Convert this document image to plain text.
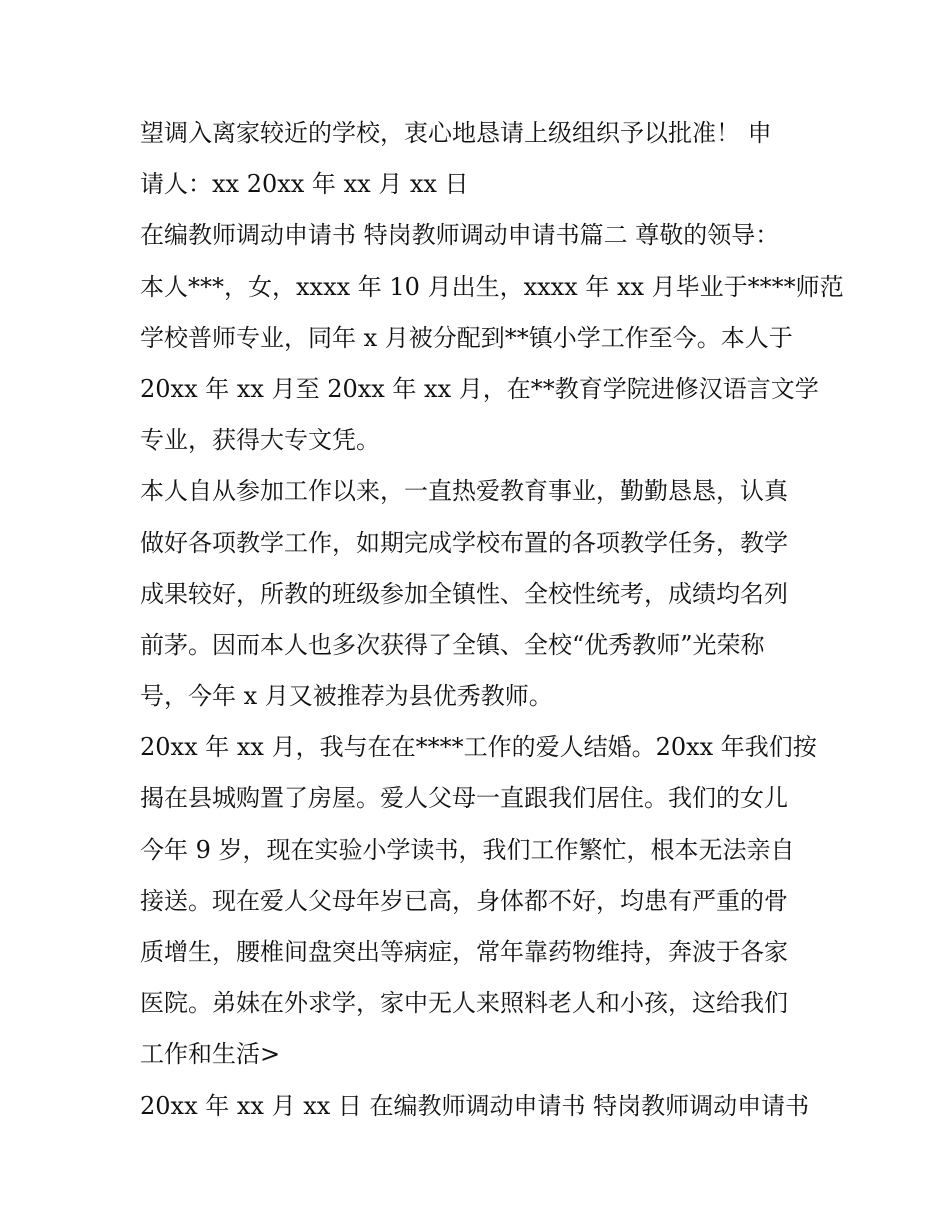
望调入离家较近的学校，衷心地恳请上级组织予以批准！ 申
请人：xx 20xx 年 xx 月 xx 日
在编教师调动申请书 特岗教师调动申请书篇二 尊敬的领导：
本人***，女，xxxx 年 10 月出生，xxxx 年 xx 月毕业于****师范
学校普师专业，同年 x 月被分配到**镇小学工作至今。本人于
20xx 年 xx 月至 20xx 年 xx 月，在**教育学院进修汉语言文学
专业，获得大专文凭。
本人自从参加工作以来，一直热爱教育事业，勤勤恳恳，认真
做好各项教学工作，如期完成学校布置的各项教学任务，教学
成果较好，所教的班级参加全镇性、全校性统考，成绩均名列
前茅。因而本人也多次获得了全镇、全校“优秀教师”光荣称
号，今年 x 月又被推荐为县优秀教师。
20xx 年 xx 月，我与在在****工作的爱人结婚。20xx 年我们按
揭在县城购置了房屋。爱人父母一直跟我们居住。我们的女儿
今年 9 岁，现在实验小学读书，我们工作繁忙，根本无法亲自
接送。现在爱人父母年岁已高，身体都不好，均患有严重的骨
质增生，腰椎间盘突出等病症，常年靠药物维持，奔波于各家
医院。弟妹在外求学，家中无人来照料老人和小孩，这给我们
工作和生活>
20xx 年 xx 月 xx 日 在编教师调动申请书 特岗教师调动申请书
